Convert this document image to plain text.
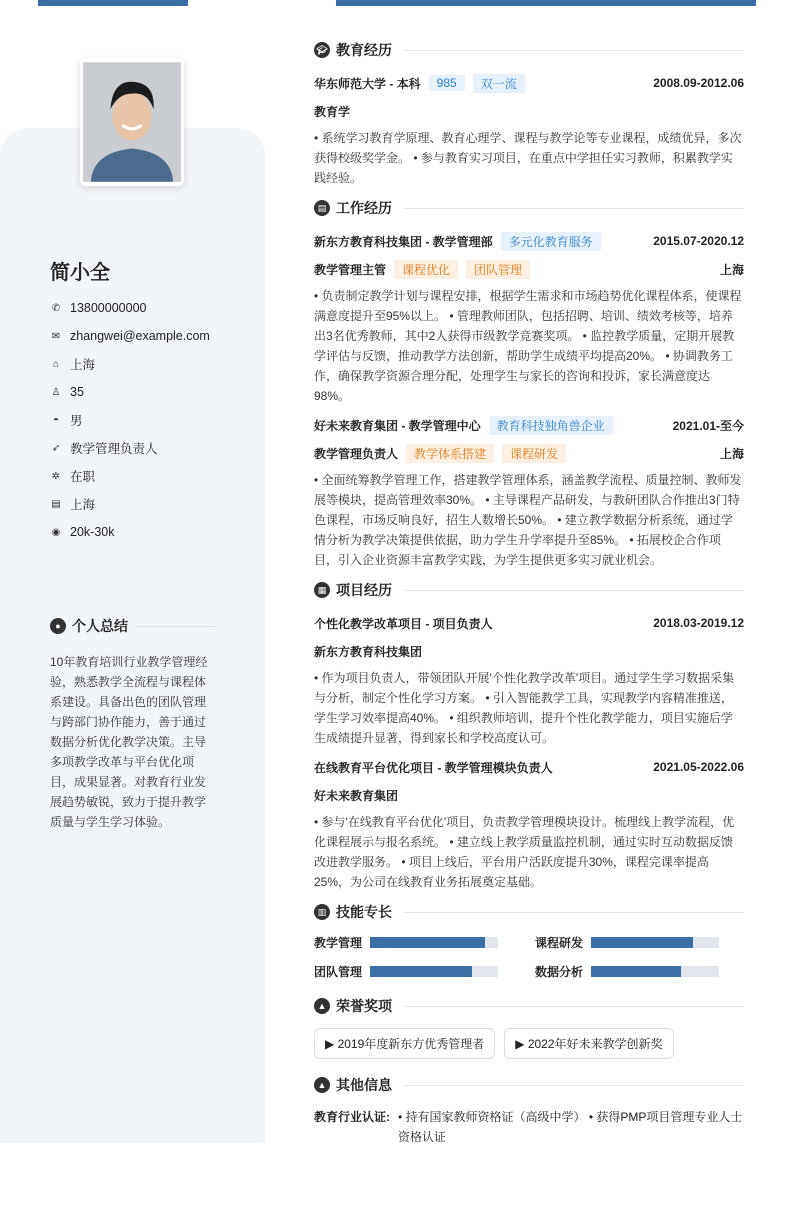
简小全
✆ 13800000000
✉ zhangwei@example.com
⌂ 上海
♙ 35
◓ 男
➶ 教学管理负责人
✲ 在职
▤ 上海
◉ 20k-30k
● 个人总结
10年教育培训行业教学管理经验，熟悉教学全流程与课程体系建设。具备出色的团队管理与跨部门协作能力，善于通过数据分析优化教学决策。主导多项教学改革与平台优化项目，成果显著。对教育行业发展趋势敏锐，致力于提升教学质量与学生学习体验。
🎓︎ 教育经历
华东师范大学 - 本科	985	双一流	2008.09-2012.06
教育学
• 系统学习教育学原理、教育心理学、课程与教学论等专业课程，成绩优异，多次获得校级奖学金。 • 参与教育实习项目，在重点中学担任实习教师，积累教学实践经验。
▤ 工作经历
新东方教育科技集团 - 教学管理部	多元化教育服务	2015.07-2020.12
教学管理主管	课程优化	团队管理	上海
• 负责制定教学计划与课程安排，根据学生需求和市场趋势优化课程体系，使课程满意度提升至95%以上。 • 管理教师团队，包括招聘、培训、绩效考核等，培养出3名优秀教师，其中2人获得市级教学竞赛奖项。 • 监控教学质量，定期开展教学评估与反馈，推动教学方法创新，帮助学生成绩平均提高20%。 • 协调教务工作，确保教学资源合理分配，处理学生与家长的咨询和投诉，家长满意度达98%。
好未来教育集团 - 教学管理中心	教育科技独角兽企业	2021.01-至今
教学管理负责人	教学体系搭建	课程研发	上海
• 全面统筹教学管理工作，搭建教学管理体系，涵盖教学流程、质量控制、教师发展等模块，提高管理效率30%。 • 主导课程产品研发，与教研团队合作推出3门特色课程，市场反响良好，招生人数增长50%。 • 建立教学数据分析系统，通过学情分析为教学决策提供依据，助力学生升学率提升至85%。 • 拓展校企合作项目，引入企业资源丰富教学实践，为学生提供更多实习就业机会。
▦ 项目经历
个性化教学改革项目 - 项目负责人	2018.03-2019.12
新东方教育科技集团
• 作为项目负责人，带领团队开展'个性化教学改革'项目。通过学生学习数据采集与分析，制定个性化学习方案。 • 引入智能教学工具，实现教学内容精准推送，学生学习效率提高40%。 • 组织教师培训，提升个性化教学能力，项目实施后学生成绩提升显著，得到家长和学校高度认可。
在线教育平台优化项目 - 教学管理模块负责人	2021.05-2022.06
好未来教育集团
• 参与'在线教育平台优化'项目，负责教学管理模块设计。梳理线上教学流程，优化课程展示与报名系统。 • 建立线上教学质量监控机制，通过实时互动数据反馈改进教学服务。 • 项目上线后，平台用户活跃度提升30%，课程完课率提高25%，为公司在线教育业务拓展奠定基础。
▥ 技能专长
教学管理	课程研发
团队管理	数据分析
▲ 荣誉奖项
▶ 2019年度新东方优秀管理者	▶ 2022年好未来教学创新奖
▲ 其他信息
教育行业认证: • 持有国家教师资格证（高级中学） • 获得PMP项目管理专业人士资格认证
